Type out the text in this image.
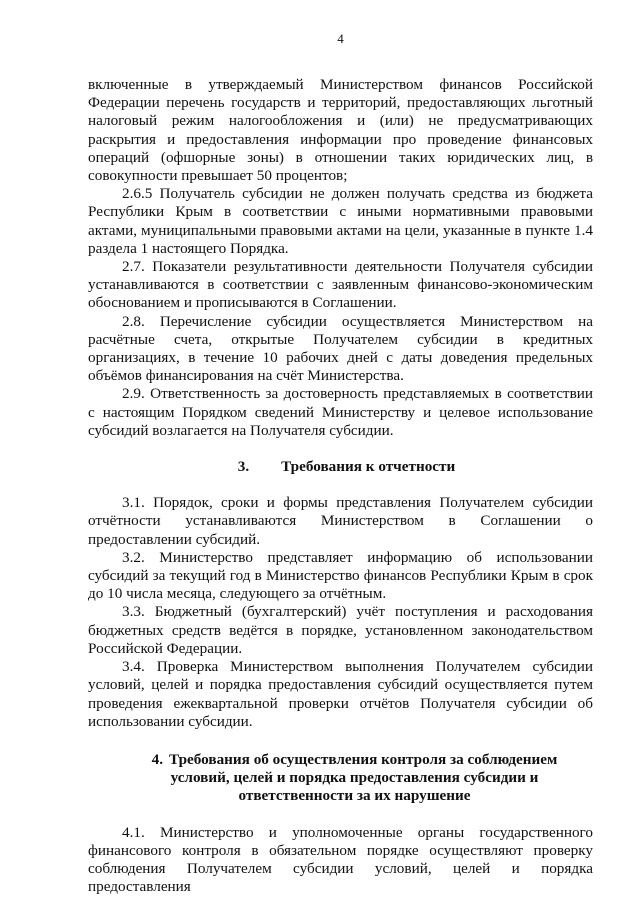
4

включенные в утверждаемый Министерством финансов Российской Федерации перечень государств и территорий, предоставляющих льготный налоговый режим налогообложения и (или) не предусматривающих раскрытия и предоставления информации про проведение финансовых операций (офшорные зоны) в отношении таких юридических лиц, в совокупности превышает 50 процентов;

2.6.5 Получатель субсидии не должен получать средства из бюджета Республики Крым в соответствии с иными нормативными правовыми актами, муниципальными правовыми актами на цели, указанные в пункте 1.4 раздела 1 настоящего Порядка.

2.7. Показатели результативности деятельности Получателя субсидии устанавливаются в соответствии с заявленным финансово-экономическим обоснованием и прописываются в Соглашении.

2.8. Перечисление субсидии осуществляется Министерством на расчётные счета, открытые Получателем субсидии в кредитных организациях, в течение 10 рабочих дней с даты доведения предельных объёмов финансирования на счёт Министерства.

2.9. Ответственность за достоверность представляемых в соответствии с настоящим Порядком сведений Министерству и целевое использование субсидий возлагается на Получателя субсидии.

3. Требования к отчетности

3.1. Порядок, сроки и формы представления Получателем субсидии отчётности устанавливаются Министерством в Соглашении о предоставлении субсидий.

3.2. Министерство представляет информацию об использовании субсидий за текущий год в Министерство финансов Республики Крым в срок до 10 числа месяца, следующего за отчётным.

3.3. Бюджетный (бухгалтерский) учёт поступления и расходования бюджетных средств ведётся в порядке, установленном законодательством Российской Федерации.

3.4. Проверка Министерством выполнения Получателем субсидии условий, целей и порядка предоставления субсидий осуществляется путем проведения ежеквартальной проверки отчётов Получателя субсидии об использовании субсидии.

4. Требования об осуществления контроля за соблюдением
условий, целей и порядка предоставления субсидии и
ответственности за их нарушение

4.1. Министерство и уполномоченные органы государственного финансового контроля в обязательном порядке осуществляют проверку соблюдения Получателем субсидии условий, целей и порядка предоставления
